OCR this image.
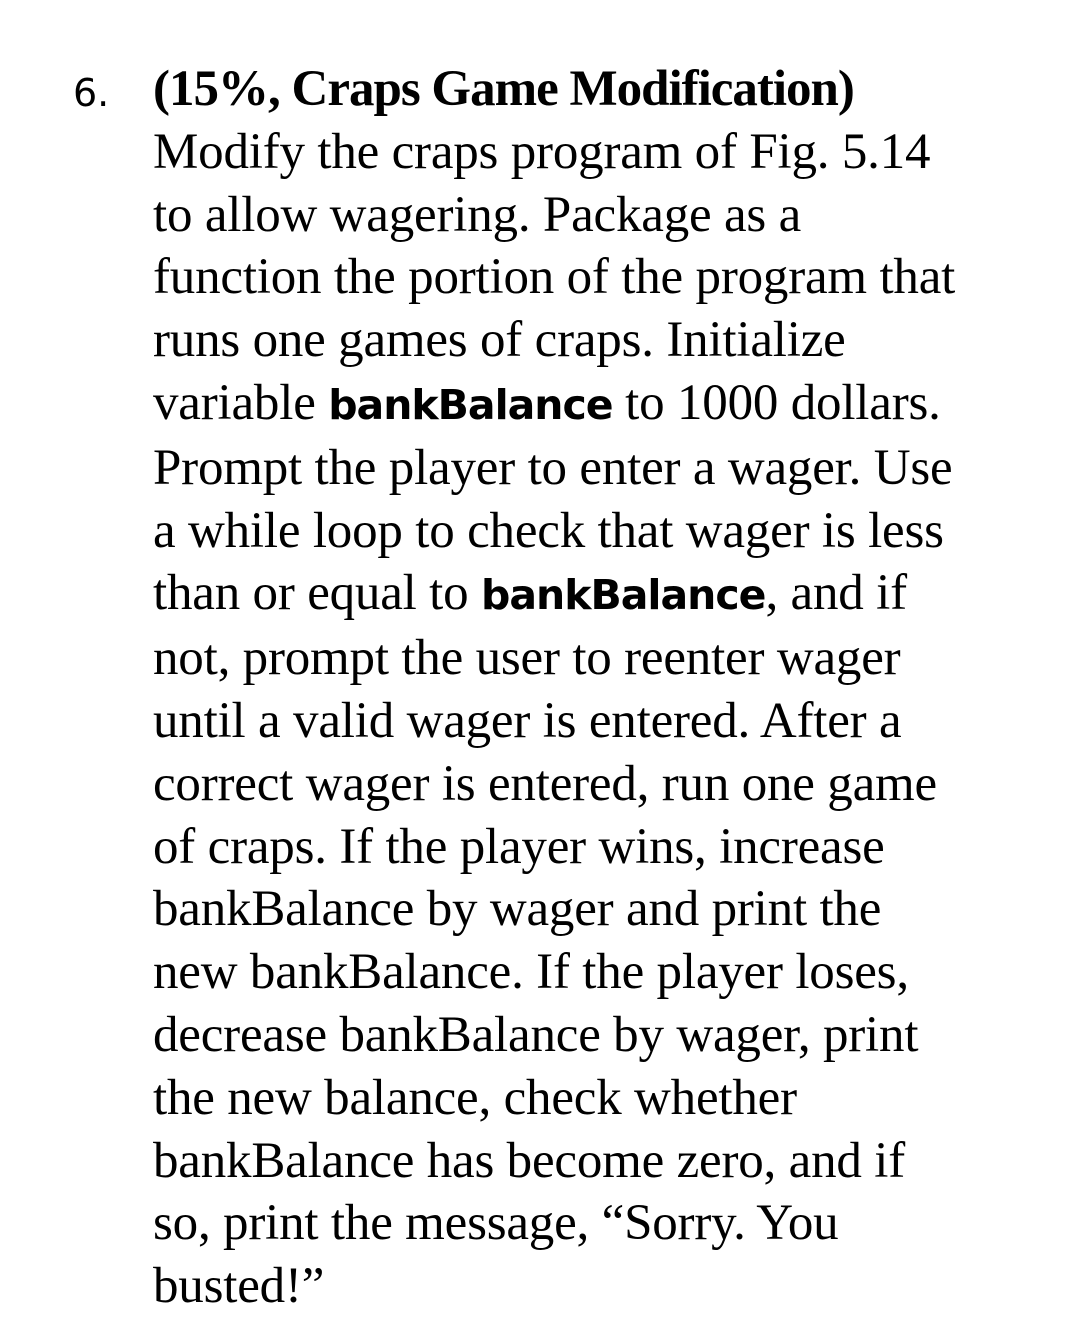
6. (15%, Craps Game Modification)
Modify the craps program of Fig. 5.14
to allow wagering. Package as a
function the portion of the program that
runs one games of craps. Initialize
variable bankBalance to 1000 dollars.
Prompt the player to enter a wager. Use
a while loop to check that wager is less
than or equal to bankBalance, and if
not, prompt the user to reenter wager
until a valid wager is entered. After a
correct wager is entered, run one game
of craps. If the player wins, increase
bankBalance by wager and print the
new bankBalance. If the player loses,
decrease bankBalance by wager, print
the new balance, check whether
bankBalance has become zero, and if
so, print the message, “Sorry. You
busted!”
